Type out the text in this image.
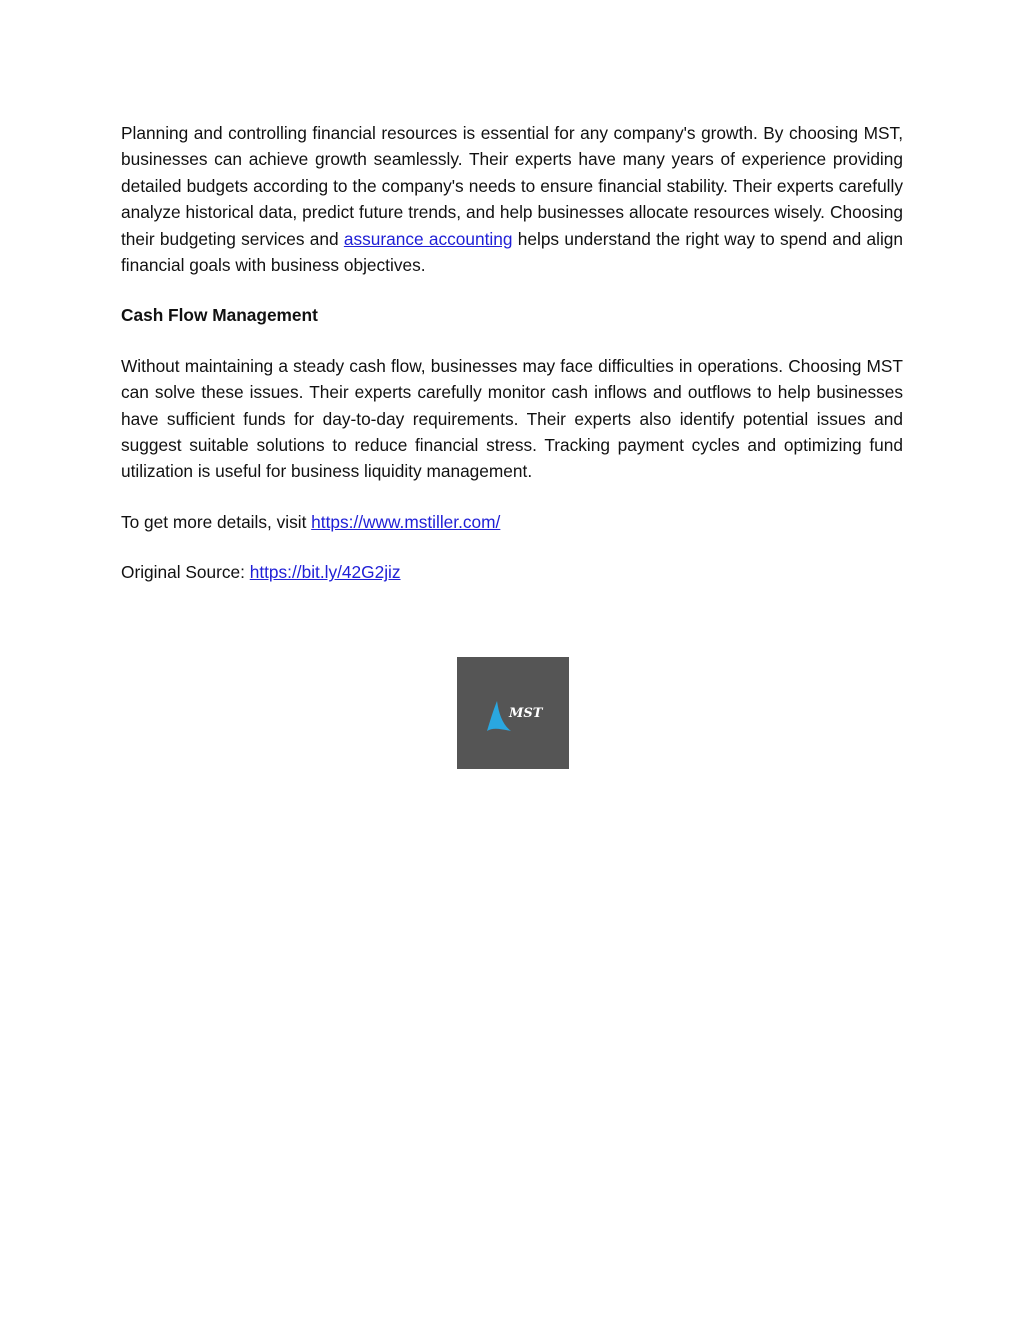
Planning and controlling financial resources is essential for any company's growth. By choosing MST, businesses can achieve growth seamlessly. Their experts have many years of experience providing detailed budgets according to the company's needs to ensure financial stability. Their experts carefully analyze historical data, predict future trends, and help businesses allocate resources wisely. Choosing their budgeting services and assurance accounting helps understand the right way to spend and align financial goals with business objectives.

Cash Flow Management

Without maintaining a steady cash flow, businesses may face difficulties in operations. Choosing MST can solve these issues. Their experts carefully monitor cash inflows and outflows to help businesses have sufficient funds for day-to-day requirements. Their experts also identify potential issues and suggest suitable solutions to reduce financial stress. Tracking payment cycles and optimizing fund utilization is useful for business liquidity management.

To get more details, visit https://www.mstiller.com/

Original Source: https://bit.ly/42G2jiz

MST
